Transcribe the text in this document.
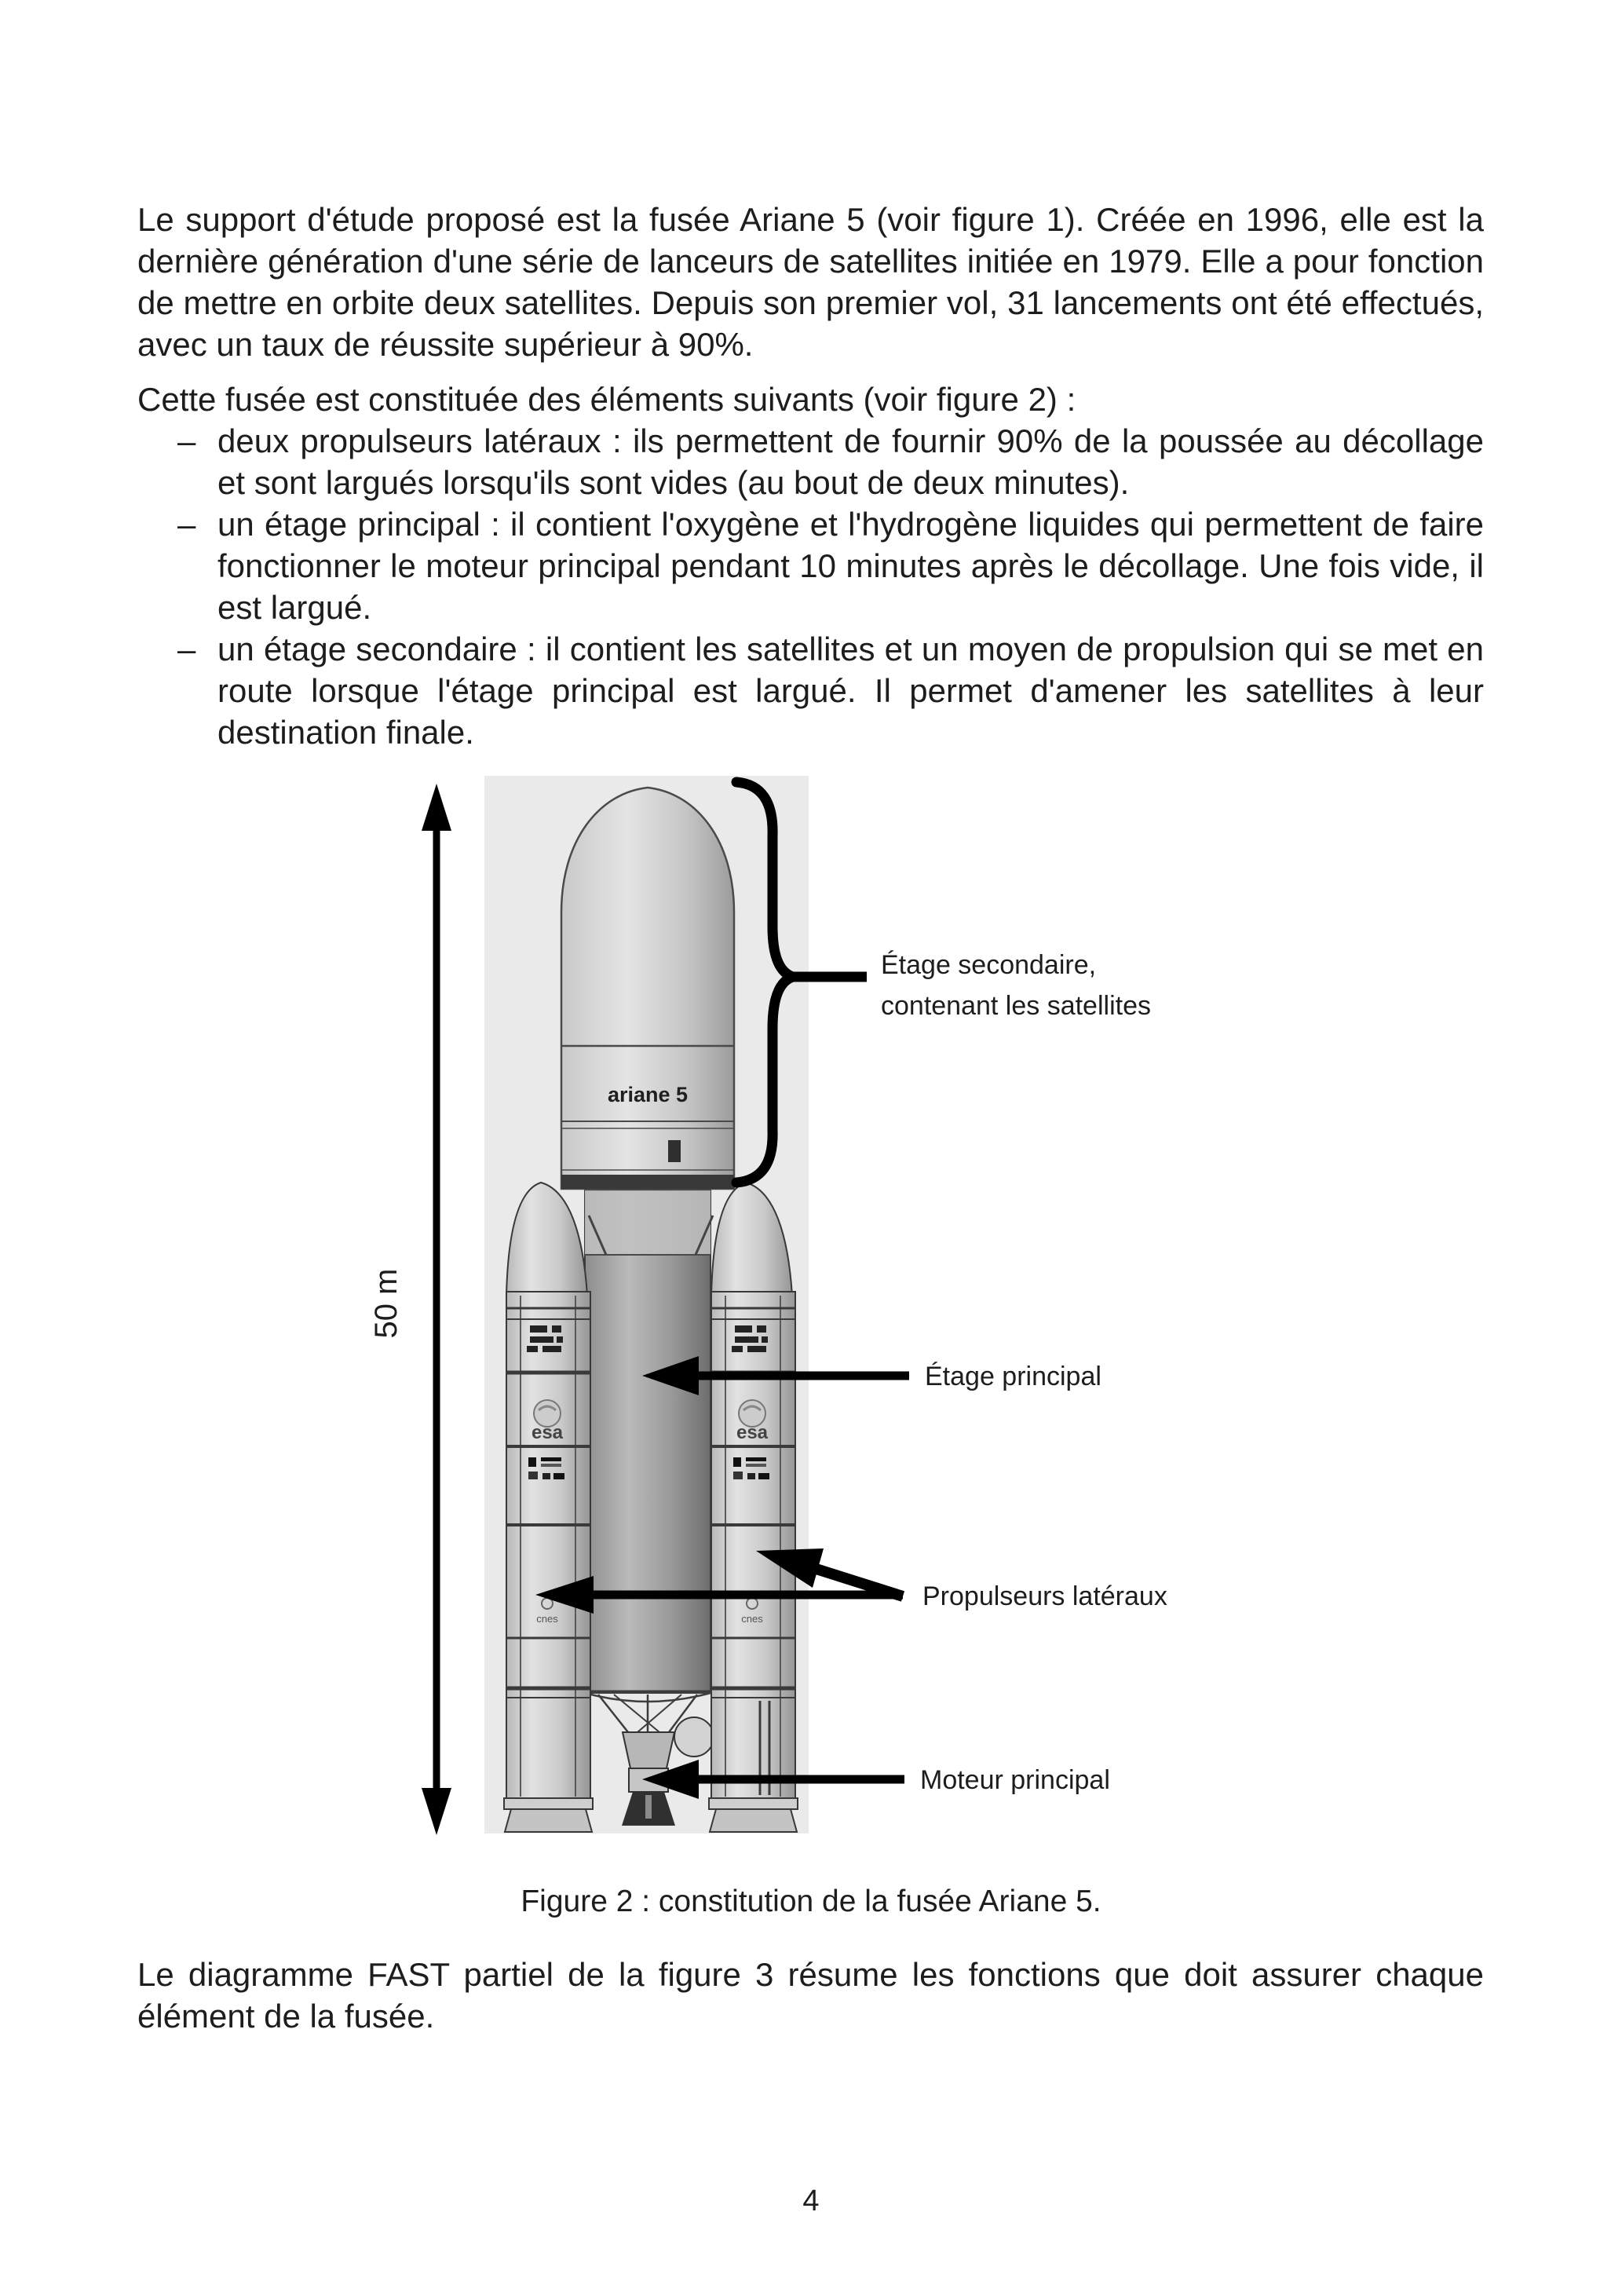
Le support d'étude proposé est la fusée Ariane 5 (voir figure 1). Créée en 1996, elle est la dernière génération d'une série de lanceurs de satellites initiée en 1979. Elle a pour fonction de mettre en orbite deux satellites. Depuis son premier vol, 31 lancements ont été effectués, avec un taux de réussite supérieur à 90%.

Cette fusée est constituée des éléments suivants (voir figure 2) :

– deux propulseurs latéraux : ils permettent de fournir 90% de la poussée au décollage et sont largués lorsqu'ils sont vides (au bout de deux minutes).
– un étage principal : il contient l'oxygène et l'hydrogène liquides qui permettent de faire fonctionner le moteur principal pendant 10 minutes après le décollage. Une fois vide, il est largué.
– un étage secondaire : il contient les satellites et un moyen de propulsion qui se met en route lorsque l'étage principal est largué. Il permet d'amener les satellites à leur destination finale.
50 m
esa
cnes
esa
cnes
ariane 5
Étage secondaire,
contenant les satellites
Étage principal
Propulseurs latéraux
Moteur principal

Figure 2 : constitution de la fusée Ariane 5.

Le diagramme FAST partiel de la figure 3 résume les fonctions que doit assurer chaque élément de la fusée.

4
